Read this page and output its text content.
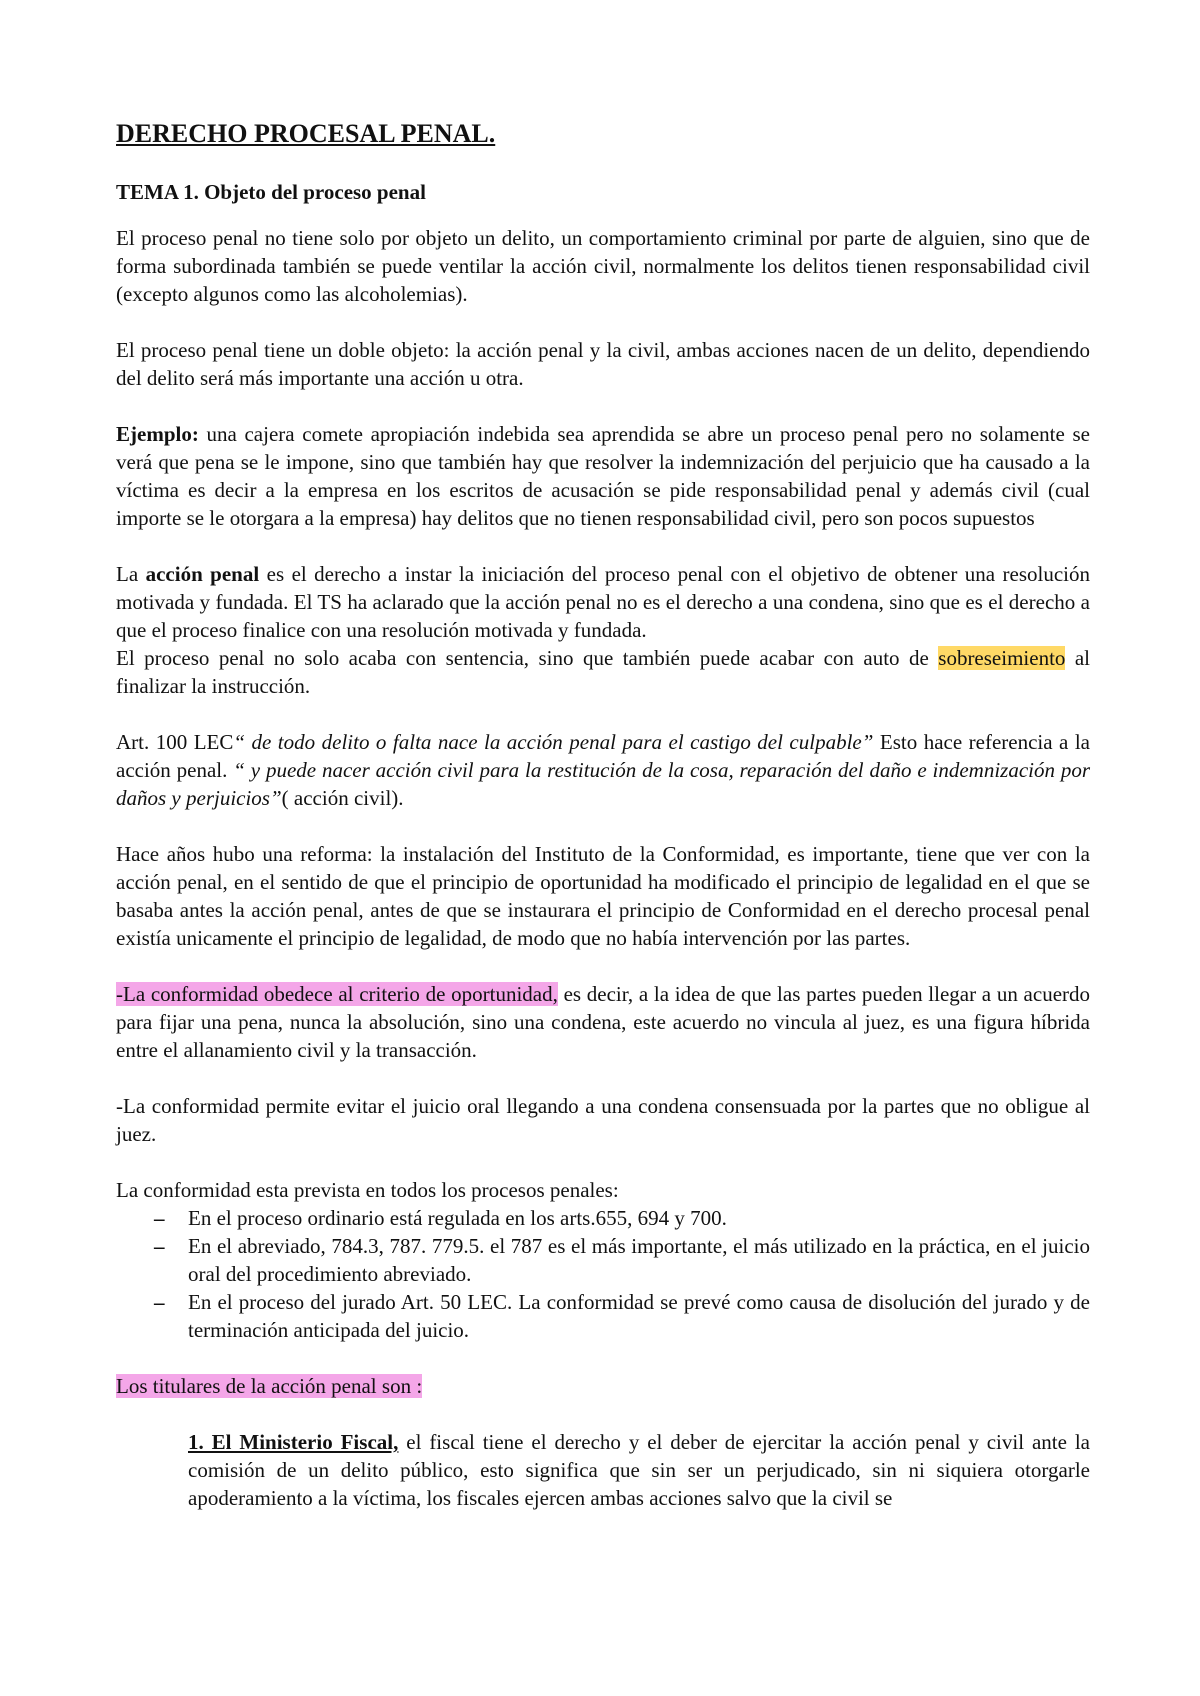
DERECHO PROCESAL PENAL.
TEMA 1. Objeto del proceso penal

El proceso penal no tiene solo por objeto un delito, un comportamiento criminal por parte de alguien, sino que de forma subordinada también se puede ventilar la acción civil, normalmente los delitos tienen responsabilidad civil (excepto algunos como las alcoholemias).

El proceso penal tiene un doble objeto: la acción penal y la civil, ambas acciones nacen de un delito, dependiendo del delito será más importante una acción u otra.

Ejemplo: una cajera comete apropiación indebida sea aprendida se abre un proceso penal pero no solamente se verá que pena se le impone, sino que también hay que resolver la indemnización del perjuicio que ha causado a la víctima es decir a la empresa en los escritos de acusación se pide responsabilidad penal y además civil (cual importe se le otorgara a la empresa) hay delitos que no tienen responsabilidad civil, pero son pocos supuestos

La acción penal es el derecho a instar la iniciación del proceso penal con el objetivo de obtener una resolución motivada y fundada. El TS ha aclarado que la acción penal no es el derecho a una condena, sino que es el derecho a que el proceso finalice con una resolución motivada y fundada.

El proceso penal no solo acaba con sentencia, sino que también puede acabar con auto de sobreseimiento al finalizar la instrucción.

Art. 100 LEC“ de todo delito o falta nace la acción penal para el castigo del culpable” Esto hace referencia a la acción penal. “ y puede nacer acción civil para la restitución de la cosa, reparación del daño e indemnización por daños y perjuicios”( acción civil).

Hace años hubo una reforma: la instalación del Instituto de la Conformidad, es importante, tiene que ver con la acción penal, en el sentido de que el principio de oportunidad ha modificado el principio de legalidad en el que se basaba antes la acción penal, antes de que se instaurara el principio de Conformidad en el derecho procesal penal existía unicamente el principio de legalidad, de modo que no había intervención por las partes.

-La conformidad obedece al criterio de oportunidad, es decir, a la idea de que las partes pueden llegar a un acuerdo para fijar una pena, nunca la absolución, sino una condena, este acuerdo no vincula al juez, es una figura híbrida entre el allanamiento civil y la transacción.

-La conformidad permite evitar el juicio oral llegando a una condena consensuada por la partes que no obligue al juez.

La conformidad esta prevista en todos los procesos penales:

– En el proceso ordinario está regulada en los arts.655, 694 y 700.
– En el abreviado, 784.3, 787. 779.5. el 787 es el más importante, el más utilizado en la práctica, en el juicio oral del procedimiento abreviado.
– En el proceso del jurado Art. 50 LEC. La conformidad se prevé como causa de disolución del jurado y de terminación anticipada del juicio.

Los titulares de la acción penal son :

1. El Ministerio Fiscal, el fiscal tiene el derecho y el deber de ejercitar la acción penal y civil ante la comisión de un delito público, esto significa que sin ser un perjudicado, sin ni siquiera otorgarle apoderamiento a la víctima, los fiscales ejercen ambas acciones salvo que la civil se
